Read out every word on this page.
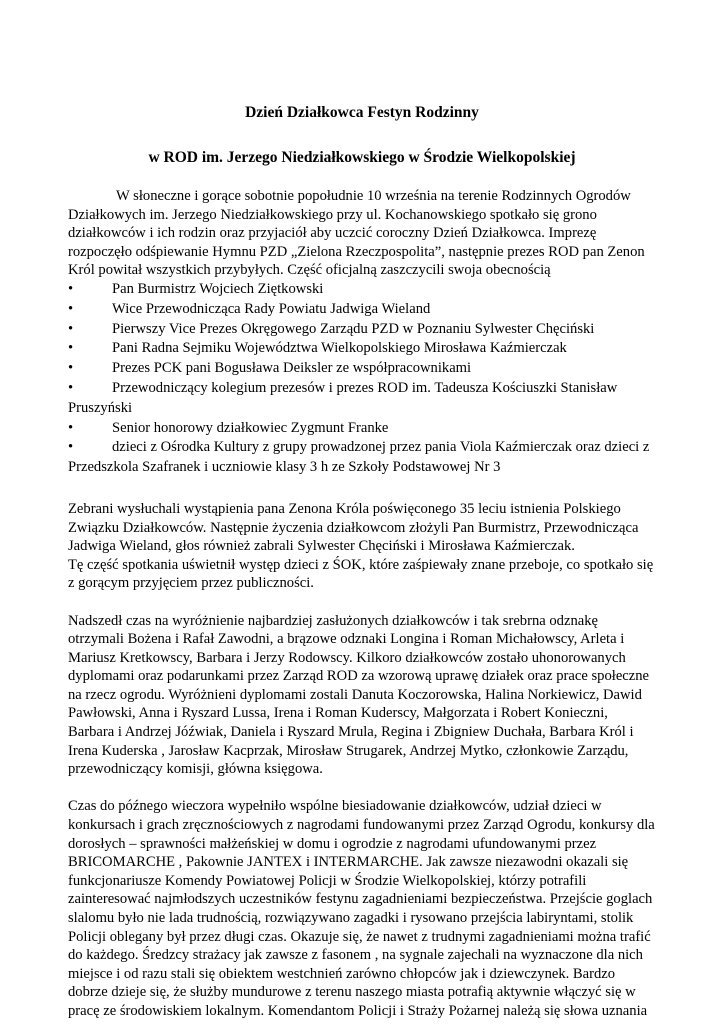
Dzień Działkowca Festyn Rodzinny
w ROD im. Jerzego Niedziałkowskiego w Środzie Wielkopolskiej

W słoneczne i gorące sobotnie popołudnie 10 września na terenie Rodzinnych Ogrodów Działkowych im. Jerzego Niedziałkowskiego przy ul. Kochanowskiego spotkało się grono działkowców i ich rodzin oraz przyjaciół aby uczcić coroczny Dzień Działkowca. Imprezę rozpoczęło odśpiewanie Hymnu PZD „Zielona Rzeczpospolita”, następnie prezes ROD pan Zenon Król powitał wszystkich przybyłych. Część oficjalną zaszczycili swoja obecnością

•	Pan Burmistrz Wojciech Ziętkowski
•	Wice Przewodnicząca Rady Powiatu Jadwiga Wieland
•	Pierwszy Vice Prezes Okręgowego Zarządu PZD w Poznaniu Sylwester Chęciński
•	Pani Radna Sejmiku Województwa Wielkopolskiego Mirosława Kaźmierczak
•	Prezes PCK pani Bogusława Deiksler ze współpracownikami
•	Przewodniczący kolegium prezesów i prezes ROD im. Tadeusza Kościuszki Stanisław Pruszyński
•	Senior honorowy działkowiec Zygmunt Franke
•	dzieci z Ośrodka Kultury z grupy prowadzonej przez pania Viola Kaźmierczak oraz dzieci z Przedszkola Szafranek i uczniowie klasy 3 h ze Szkoły Podstawowej Nr 3

Zebrani wysłuchali wystąpienia pana Zenona Króla poświęconego 35 leciu istnienia Polskiego Związku Działkowców. Następnie życzenia działkowcom złożyli Pan Burmistrz, Przewodnicząca Jadwiga Wieland, głos również zabrali Sylwester Chęciński i Mirosława Kaźmierczak.

Tę część spotkania uświetnił występ dzieci z ŚOK, które zaśpiewały znane przeboje, co spotkało się z gorącym przyjęciem przez publiczności.

Nadszedł czas na wyróżnienie najbardziej zasłużonych działkowców i tak srebrna odznakę otrzymali Bożena i Rafał Zawodni, a brązowe odznaki Longina i Roman Michałowscy, Arleta i Mariusz Kretkowscy, Barbara i Jerzy Rodowscy. Kilkoro działkowców zostało uhonorowanych dyplomami oraz podarunkami przez Zarząd ROD za wzorową uprawę działek oraz prace społeczne na rzecz ogrodu. Wyróżnieni dyplomami zostali Danuta Koczorowska, Halina Norkiewicz, Dawid Pawłowski, Anna i Ryszard Lussa, Irena i Roman Kuderscy, Małgorzata i Robert Konieczni, Barbara i Andrzej Jóźwiak, Daniela i Ryszard Mrula, Regina i Zbigniew Duchała, Barbara Król i Irena Kuderska , Jarosław Kacprzak, Mirosław Strugarek, Andrzej Mytko, członkowie Zarządu, przewodniczący komisji, główna księgowa.

Czas do późnego wieczora wypełniło wspólne biesiadowanie działkowców, udział dzieci w konkursach i grach zręcznościowych z nagrodami fundowanymi przez Zarząd Ogrodu, konkursy dla dorosłych – sprawności małżeńskiej w domu i ogrodzie z nagrodami ufundowanymi przez BRICOMARCHE , Pakownie JANTEX i INTERMARCHE. Jak zawsze niezawodni okazali się funkcjonariusze Komendy Powiatowej Policji w Środzie Wielkopolskiej, którzy potrafili zainteresować najmłodszych uczestników festynu zagadnieniami bezpieczeństwa. Przejście goglach slalomu było nie lada trudnością, rozwiązywano zagadki i rysowano przejścia labiryntami, stolik Policji oblegany był przez długi czas. Okazuje się, że nawet z trudnymi zagadnieniami można trafić do każdego. Średzcy strażacy jak zawsze z fasonem , na sygnale zajechali na wyznaczone dla nich miejsce i od razu stali się obiektem westchnień zarówno chłopców jak i dziewczynek. Bardzo dobrze dzieje się, że służby mundurowe z terenu naszego miasta potrafią aktywnie włączyć się w pracę ze środowiskiem lokalnym. Komendantom Policji i Straży Pożarnej należą się słowa uznania
